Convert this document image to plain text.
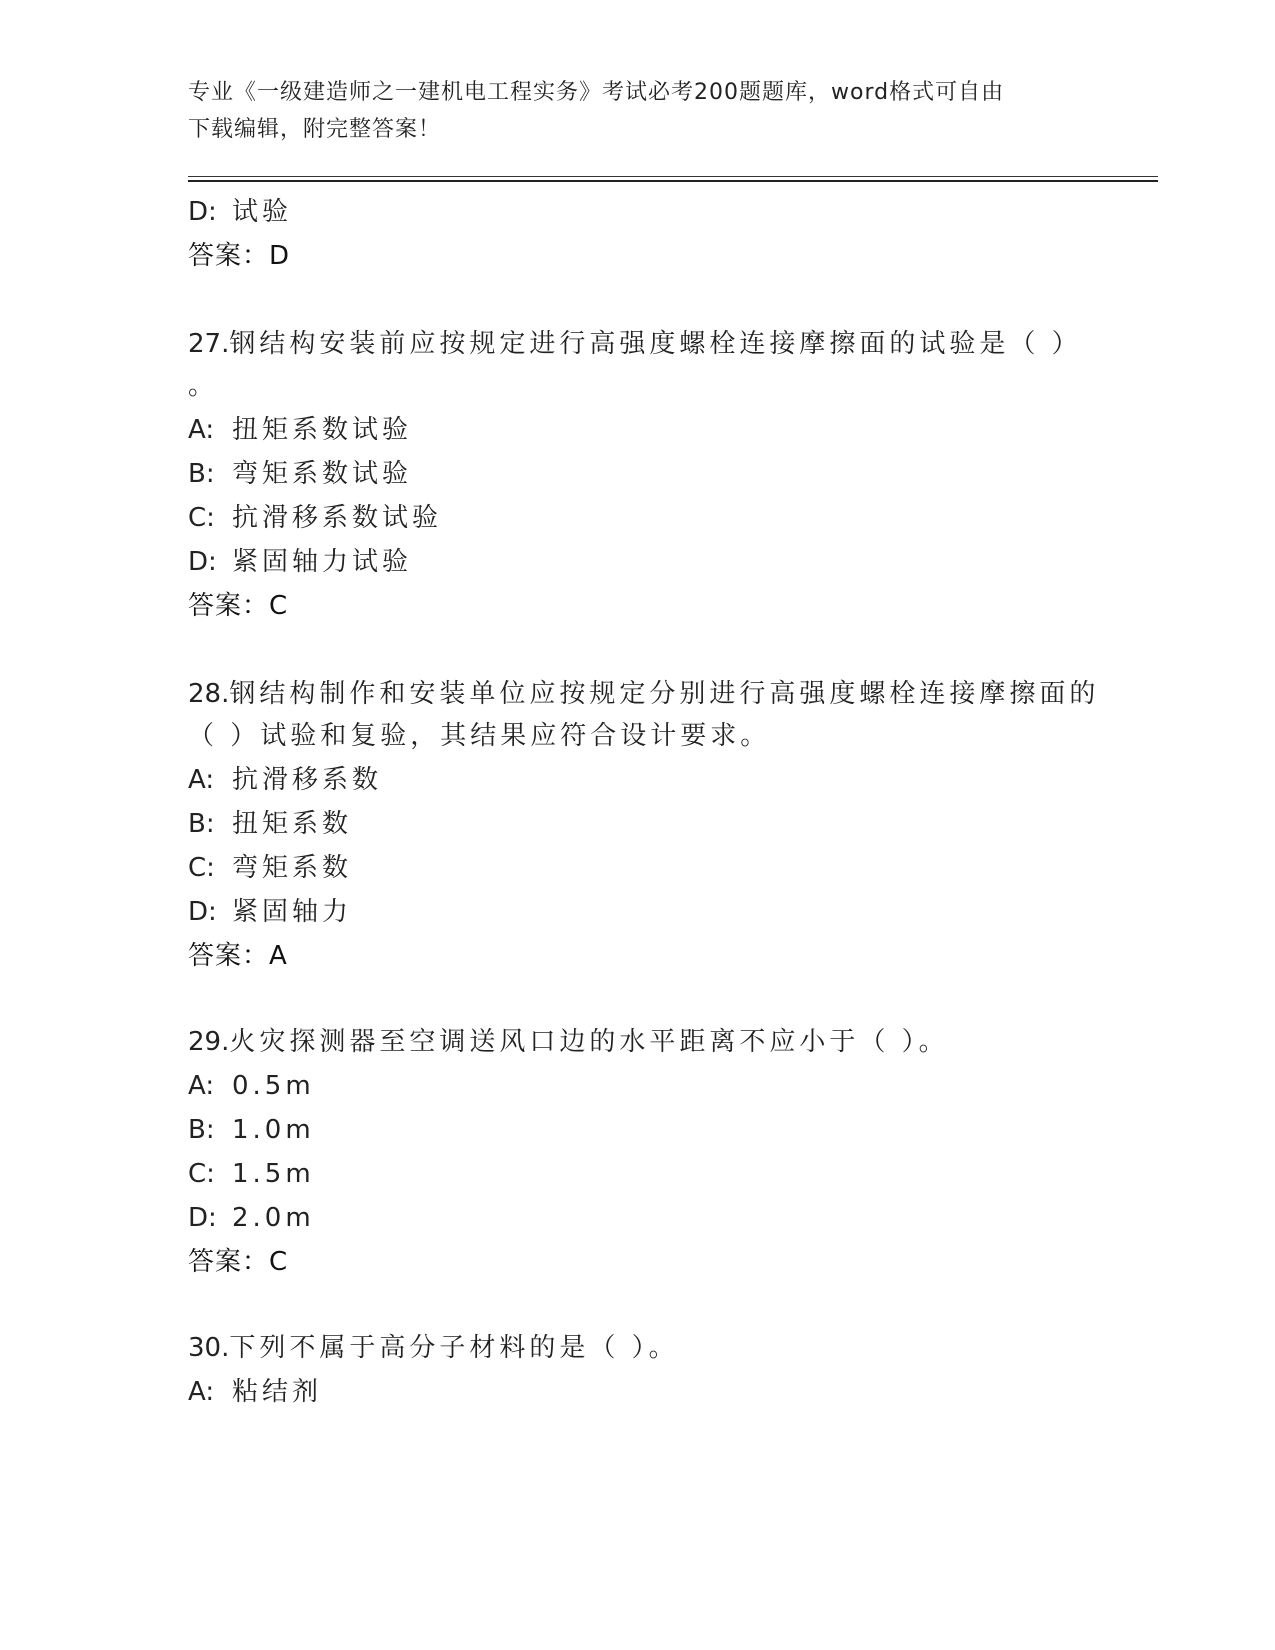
专业《一级建造师之一建机电工程实务》考试必考200题题库，word格式可自由
下载编辑，附完整答案！
D: 试验
答案：D
27.钢结构安装前应按规定进行高强度螺栓连接摩擦面的试验是（ ）
。
A: 扭矩系数试验
B: 弯矩系数试验
C: 抗滑移系数试验
D: 紧固轴力试验
答案：C
28.钢结构制作和安装单位应按规定分别进行高强度螺栓连接摩擦面的
（ ）试验和复验，其结果应符合设计要求。
A: 抗滑移系数
B: 扭矩系数
C: 弯矩系数
D: 紧固轴力
答案：A
29.火灾探测器至空调送风口边的水平距离不应小于（ ）。
A: 0.5m
B: 1.0m
C: 1.5m
D: 2.0m
答案：C
30.下列不属于高分子材料的是（ ）。
A: 粘结剂
